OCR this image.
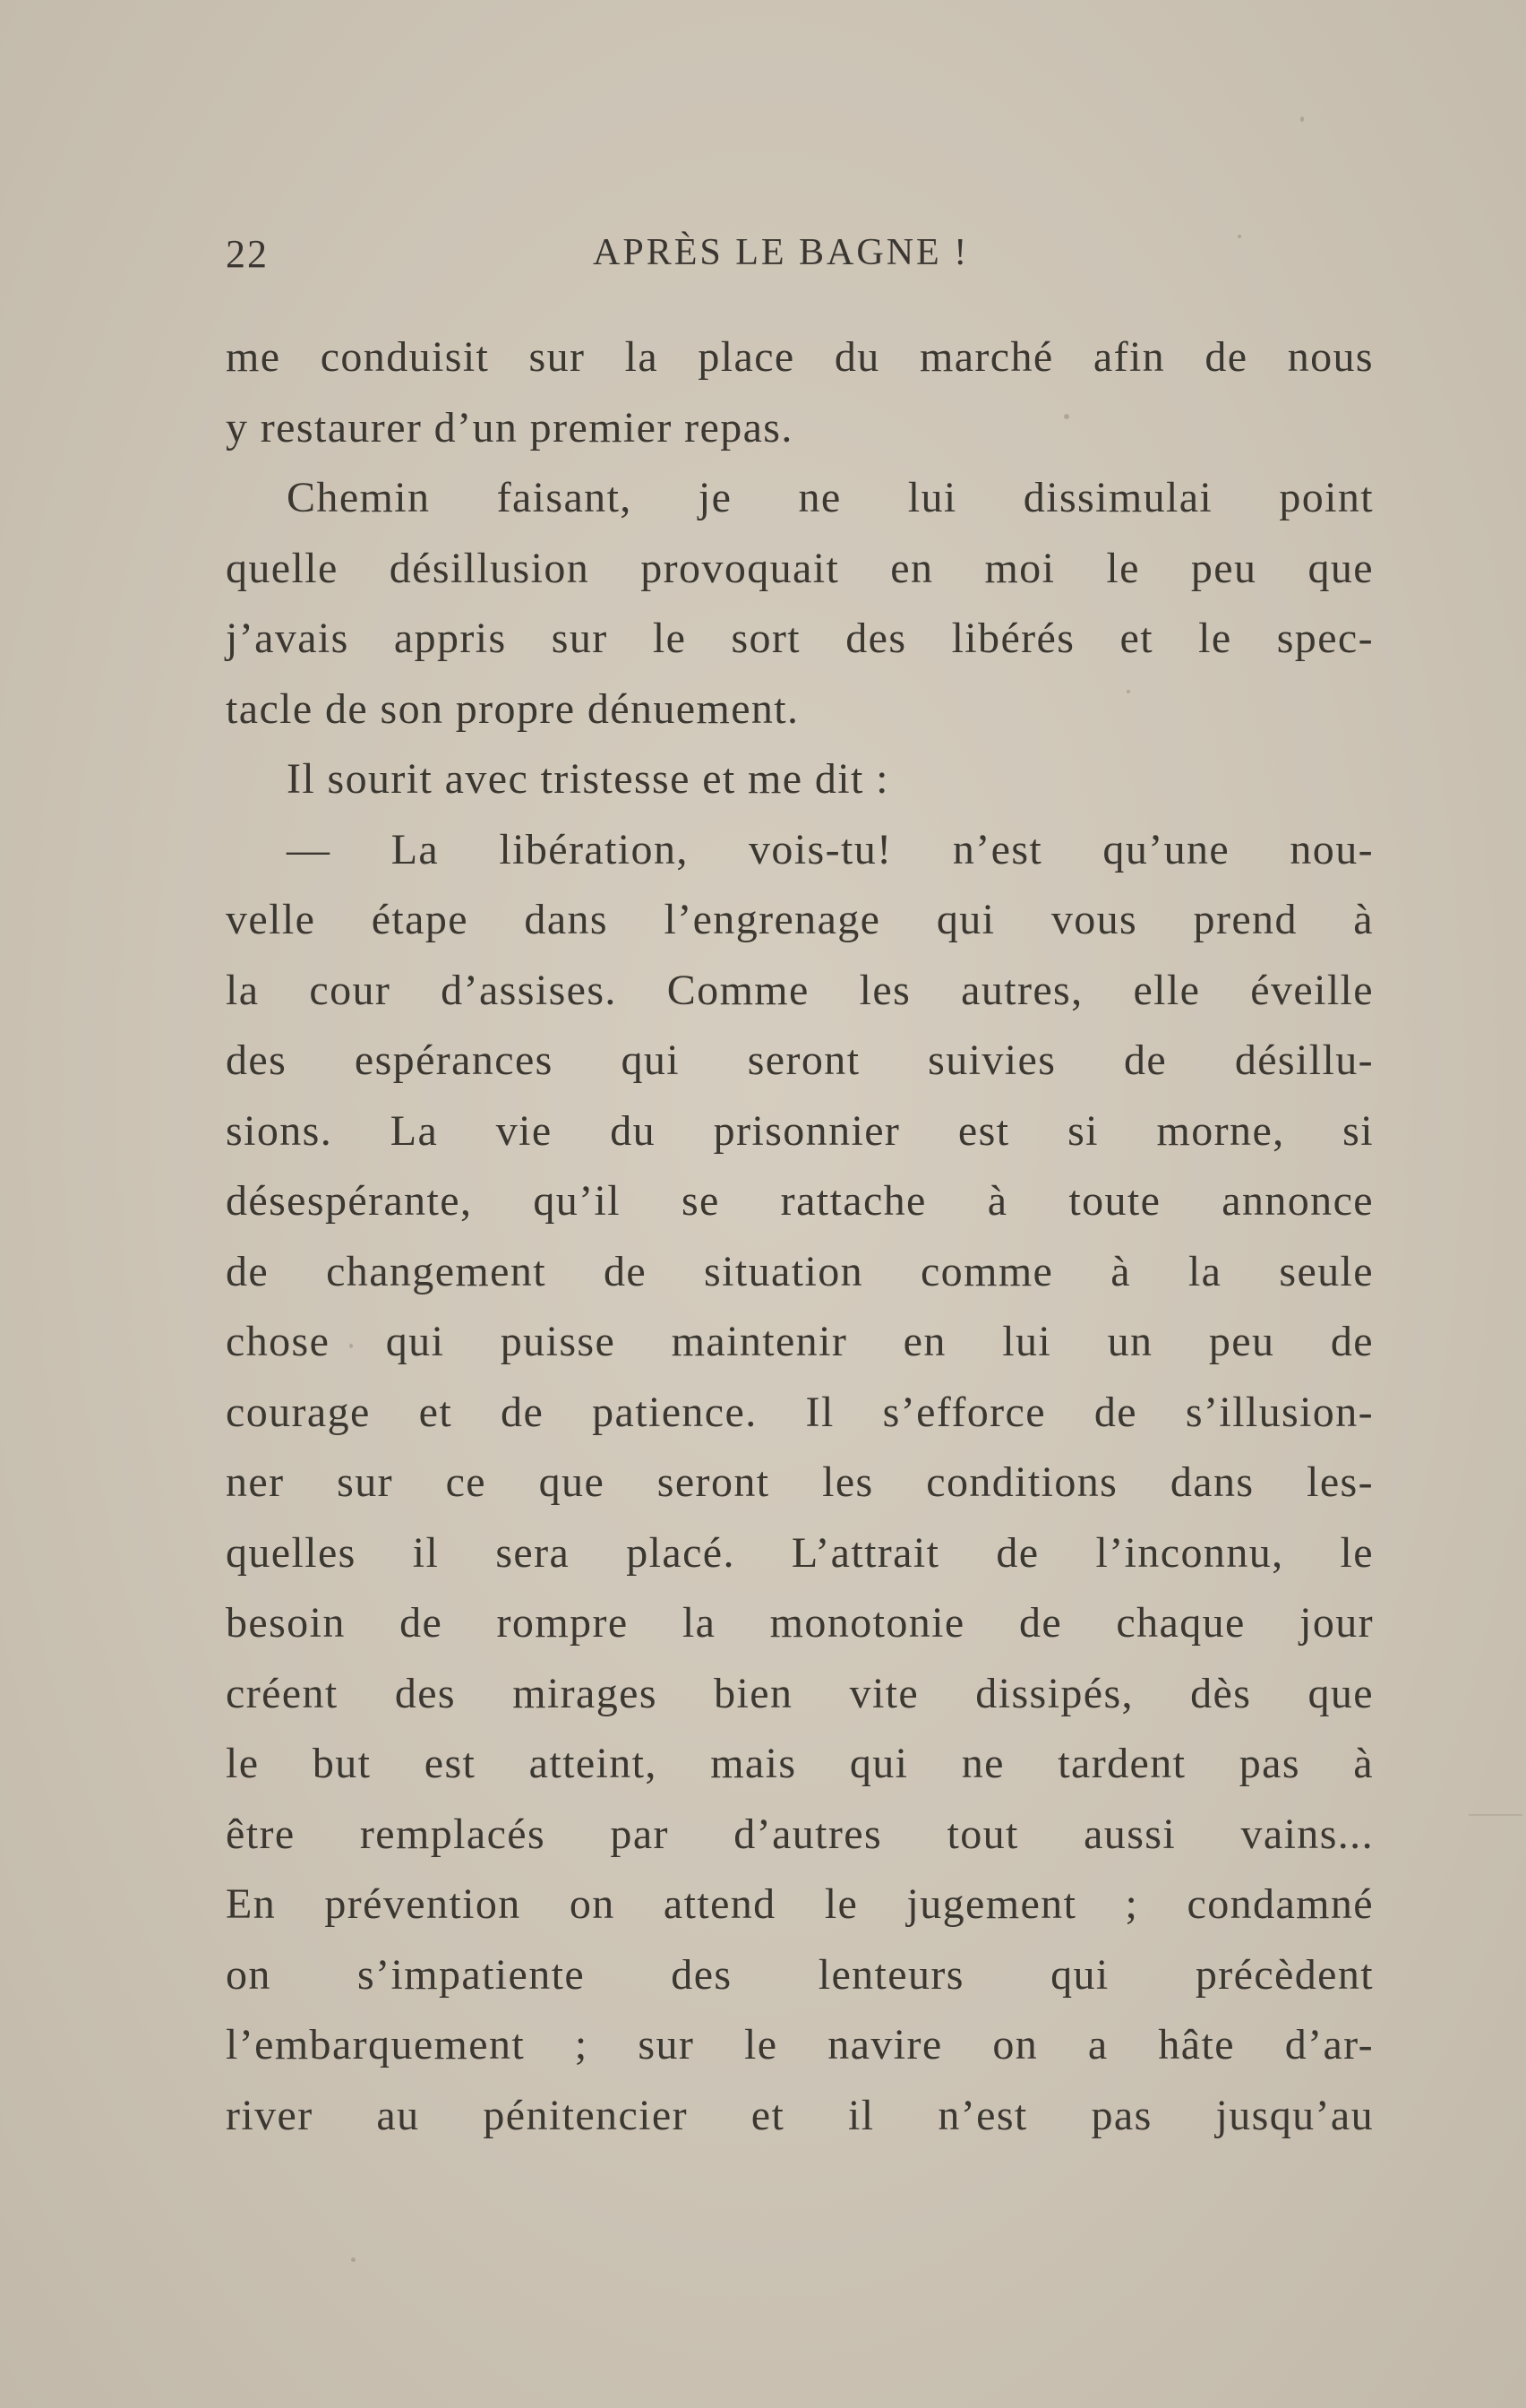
22	APRÈS LE BAGNE !
me conduisit sur la place du marché afin de nous
y restaurer d’un premier repas.
Chemin faisant, je ne lui dissimulai point
quelle désillusion provoquait en moi le peu que
j’avais appris sur le sort des libérés et le spec-
tacle de son propre dénuement.
Il sourit avec tristesse et me dit :
— La libération, vois-tu! n’est qu’une nou-
velle étape dans l’engrenage qui vous prend à
la cour d’assises. Comme les autres, elle éveille
des espérances qui seront suivies de désillu-
sions. La vie du prisonnier est si morne, si
désespérante, qu’il se rattache à toute annonce
de changement de situation comme à la seule
chose qui puisse maintenir en lui un peu de
courage et de patience. Il s’efforce de s’illusion-
ner sur ce que seront les conditions dans les-
quelles il sera placé. L’attrait de l’inconnu, le
besoin de rompre la monotonie de chaque jour
créent des mirages bien vite dissipés, dès que
le but est atteint, mais qui ne tardent pas à
être remplacés par d’autres tout aussi vains...
En prévention on attend le jugement ; condamné
on s’impatiente des lenteurs qui précèdent
l’embarquement ; sur le navire on a hâte d’ar-
river au pénitencier et il n’est pas jusqu’au
